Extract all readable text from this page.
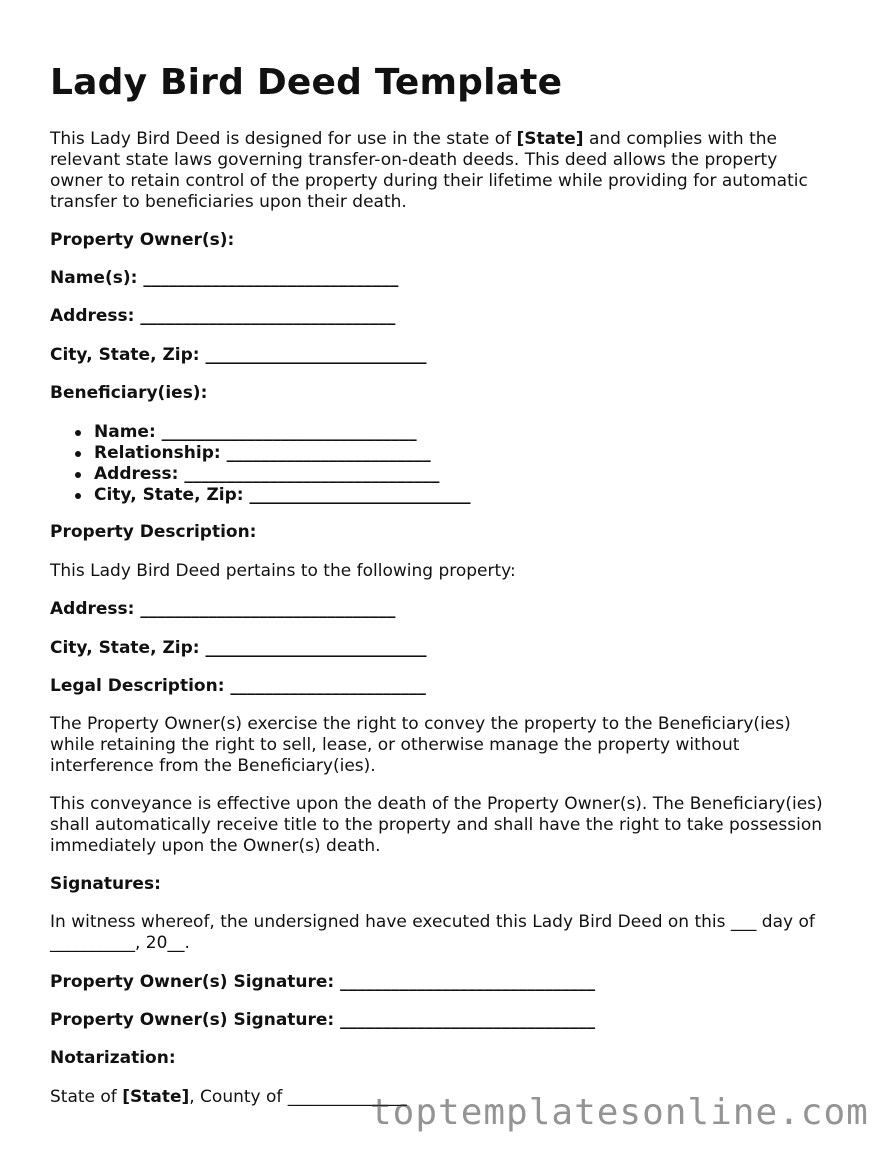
Lady Bird Deed Template
This Lady Bird Deed is designed for use in the state of [State] and complies with the
relevant state laws governing transfer-on-death deeds. This deed allows the property
owner to retain control of the property during their lifetime while providing for automatic
transfer to beneficiaries upon their death.
Property Owner(s):
Name(s): ______________________________
Address: ______________________________
City, State, Zip: __________________________
Beneficiary(ies):
Name: ______________________________
Relationship: ________________________
Address: ______________________________
City, State, Zip: __________________________
Property Description:
This Lady Bird Deed pertains to the following property:
Address: ______________________________
City, State, Zip: __________________________
Legal Description: _______________________
The Property Owner(s) exercise the right to convey the property to the Beneficiary(ies)
while retaining the right to sell, lease, or otherwise manage the property without
interference from the Beneficiary(ies).
This conveyance is effective upon the death of the Property Owner(s). The Beneficiary(ies)
shall automatically receive title to the property and shall have the right to take possession
immediately upon the Owner(s) death.
Signatures:
In witness whereof, the undersigned have executed this Lady Bird Deed on this ___ day of
__________, 20__.
Property Owner(s) Signature: ______________________________
Property Owner(s) Signature: ______________________________
Notarization:
State of [State], County of ______________
toptemplatesonline.com
